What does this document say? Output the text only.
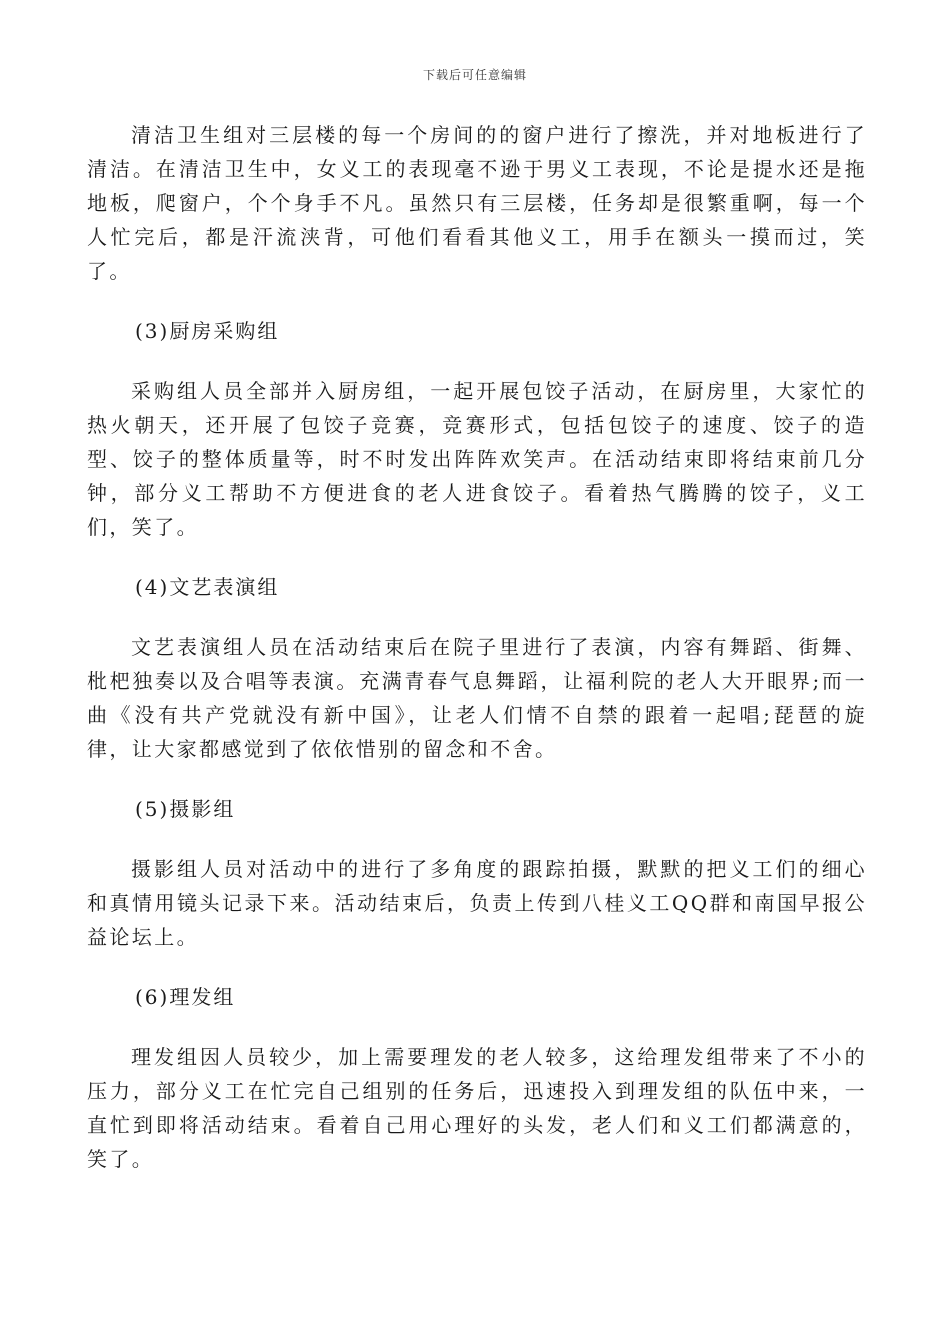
下载后可任意编辑

清洁卫生组对三层楼的每一个房间的的窗户进行了擦洗，并对地板进行了清洁。在清洁卫生中，女义工的表现毫不逊于男义工表现，不论是提水还是拖地板，爬窗户，个个身手不凡。虽然只有三层楼，任务却是很繁重啊，每一个人忙完后，都是汗流浃背，可他们看看其他义工，用手在额头一摸而过，笑了。

(3)厨房采购组

采购组人员全部并入厨房组，一起开展包饺子活动，在厨房里，大家忙的热火朝天，还开展了包饺子竞赛，竞赛形式，包括包饺子的速度、饺子的造型、饺子的整体质量等，时不时发出阵阵欢笑声。在活动结束即将结束前几分钟，部分义工帮助不方便进食的老人进食饺子。看着热气腾腾的饺子，义工们，笑了。

(4)文艺表演组

文艺表演组人员在活动结束后在院子里进行了表演，内容有舞蹈、街舞、枇杷独奏以及合唱等表演。充满青春气息舞蹈，让福利院的老人大开眼界;而一曲《没有共产党就没有新中国》，让老人们情不自禁的跟着一起唱;琵琶的旋律，让大家都感觉到了依依惜别的留念和不舍。

(5)摄影组

摄影组人员对活动中的进行了多角度的跟踪拍摄，默默的把义工们的细心和真情用镜头记录下来。活动结束后，负责上传到八桂义工QQ群和南国早报公益论坛上。

(6)理发组

理发组因人员较少，加上需要理发的老人较多，这给理发组带来了不小的压力，部分义工在忙完自己组别的任务后，迅速投入到理发组的队伍中来，一直忙到即将活动结束。看着自己用心理好的头发，老人们和义工们都满意的，笑了。
